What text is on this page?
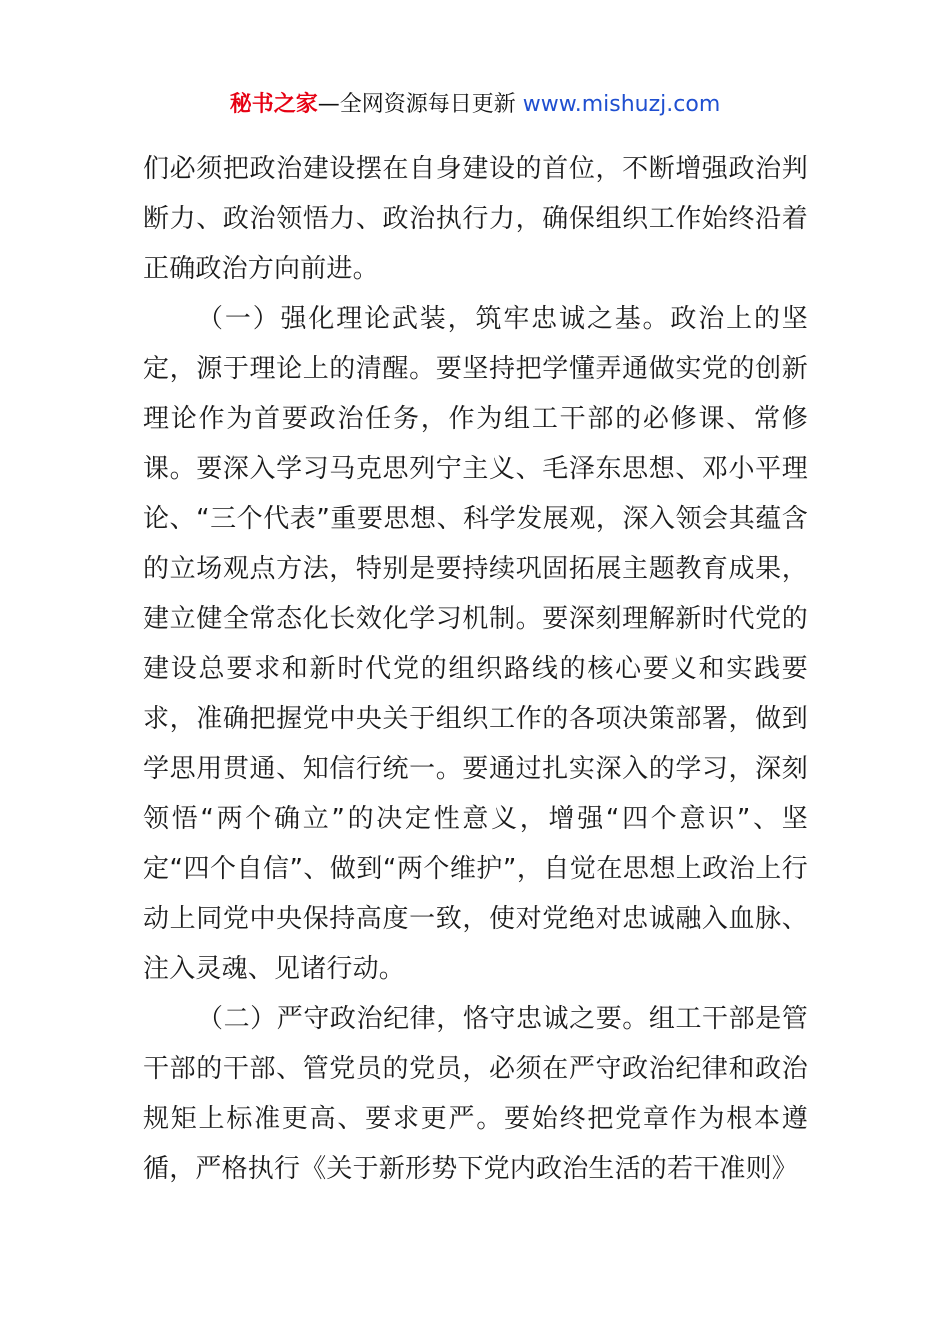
秘书之家—全网资源每日更新 www.mishuzj.com

们必须把政治建设摆在自身建设的首位，不断增强政治判断力、政治领悟力、政治执行力，确保组织工作始终沿着正确政治方向前进。

（一）强化理论武装，筑牢忠诚之基。政治上的坚定，源于理论上的清醒。要坚持把学懂弄通做实党的创新理论作为首要政治任务，作为组工干部的必修课、常修课。要深入学习马克思列宁主义、毛泽东思想、邓小平理论、“三个代表”重要思想、科学发展观，深入领会其蕴含的立场观点方法，特别是要持续巩固拓展主题教育成果，建立健全常态化长效化学习机制。要深刻理解新时代党的建设总要求和新时代党的组织路线的核心要义和实践要求，准确把握党中央关于组织工作的各项决策部署，做到学思用贯通、知信行统一。要通过扎实深入的学习，深刻领悟“两个确立”的决定性意义，增强“四个意识”、坚定“四个自信”、做到“两个维护”，自觉在思想上政治上行动上同党中央保持高度一致，使对党绝对忠诚融入血脉、注入灵魂、见诸行动。

（二）严守政治纪律，恪守忠诚之要。组工干部是管干部的干部、管党员的党员，必须在严守政治纪律和政治规矩上标准更高、要求更严。要始终把党章作为根本遵循，严格执行《关于新形势下党内政治生活的若干准则》
